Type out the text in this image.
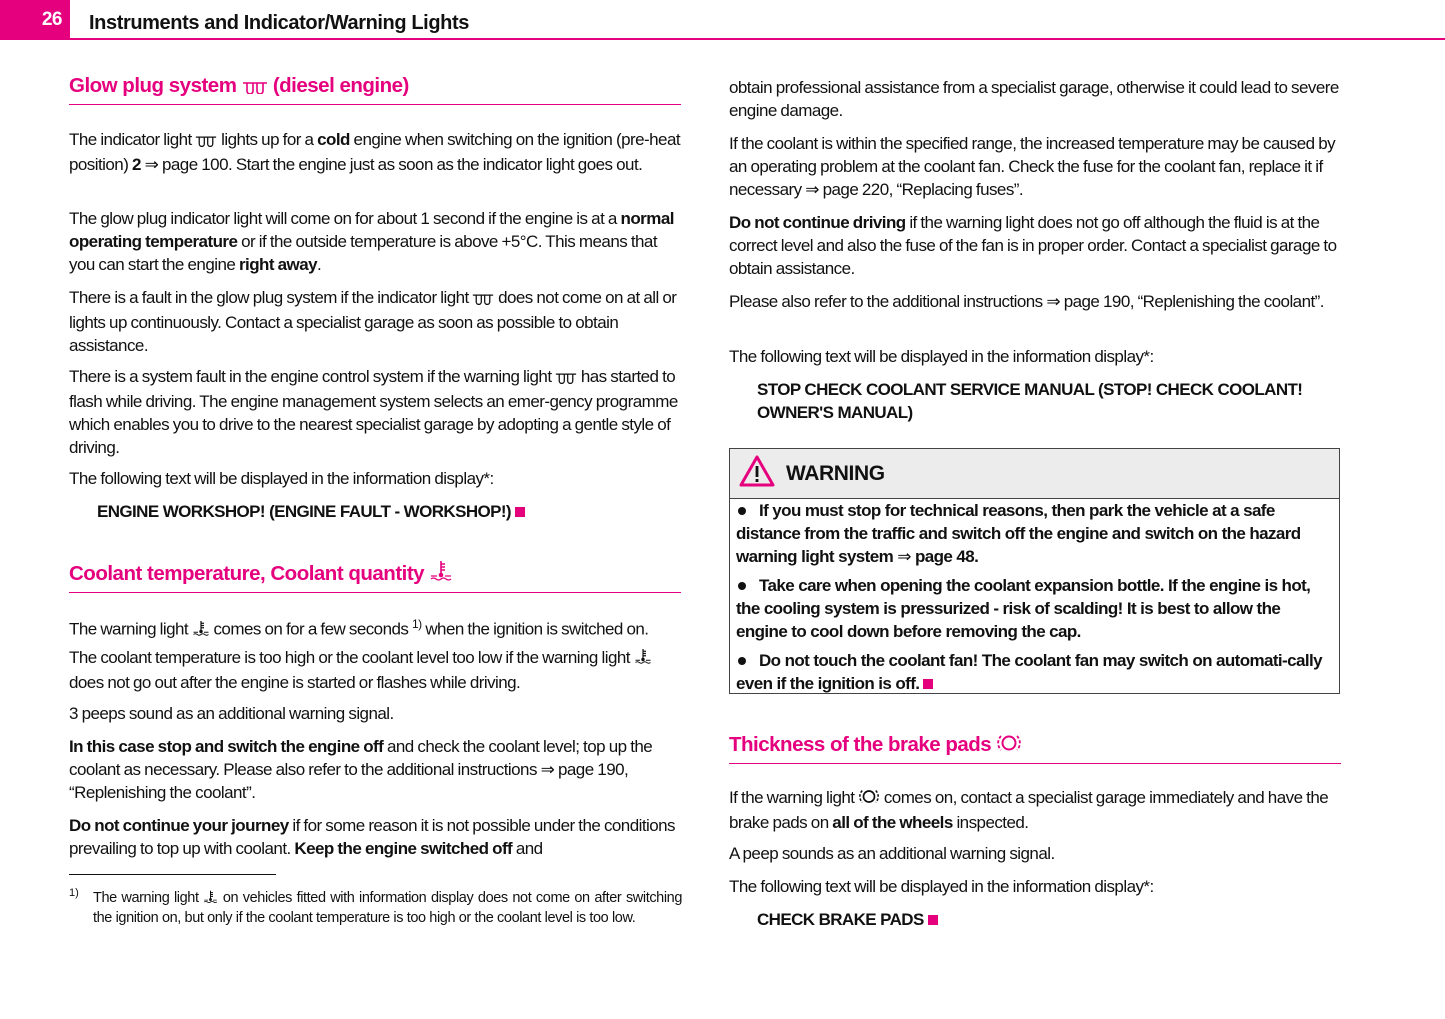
26	Instruments and Indicator/Warning Lights
Glow plug system (diesel engine)
The indicator light lights up for a cold engine when switching on the ignition (pre-heat position) 2 ⇒ page 100. Start the engine just as soon as the indicator light goes out.
The glow plug indicator light will come on for about 1 second if the engine is at a normal operating temperature or if the outside temperature is above +5°C. This means that you can start the engine right away.
There is a fault in the glow plug system if the indicator light does not come on at all or lights up continuously. Contact a specialist garage as soon as possible to obtain assistance.
There is a system fault in the engine control system if the warning light has started to flash while driving. The engine management system selects an emer-gency programme which enables you to drive to the nearest specialist garage by adopting a gentle style of driving.
The following text will be displayed in the information display*:
ENGINE WORKSHOP! (ENGINE FAULT - WORKSHOP!)
Coolant temperature, Coolant quantity
The warning light comes on for a few seconds $^{1)}$ when the ignition is switched on.
The coolant temperature is too high or the coolant level too low if the warning light  does not go out after the engine is started or flashes while driving.
3 peeps sound as an additional warning signal.
In this case stop and switch the engine off and check the coolant level; top up the coolant as necessary. Please also refer to the additional instructions ⇒ page 190, “Replenishing the coolant”.
Do not continue your journey if for some reason it is not possible under the conditions prevailing to top up with coolant. Keep the engine switched off and
1) The warning light on vehicles fitted with information display does not come on after switching the ignition on, but only if the coolant temperature is too high or the coolant level is too low.
obtain professional assistance from a specialist garage, otherwise it could lead to severe engine damage.
If the coolant is within the specified range, the increased temperature may be caused by an operating problem at the coolant fan. Check the fuse for the coolant fan, replace it if necessary ⇒ page 220, “Replacing fuses”.
Do not continue driving if the warning light does not go off although the fluid is at the correct level and also the fuse of the fan is in proper order. Contact a specialist garage to obtain assistance.
Please also refer to the additional instructions ⇒ page 190, “Replenishing the coolant”.
The following text will be displayed in the information display*:
STOP CHECK COOLANT SERVICE MANUAL (STOP! CHECK COOLANT! OWNER'S MANUAL)
WARNING
If you must stop for technical reasons, then park the vehicle at a safe distance from the traffic and switch off the engine and switch on the hazard warning light system ⇒ page 48.
Take care when opening the coolant expansion bottle. If the engine is hot, the cooling system is pressurized - risk of scalding! It is best to allow the engine to cool down before removing the cap.
Do not touch the coolant fan! The coolant fan may switch on automati-cally even if the ignition is off.
Thickness of the brake pads
If the warning light comes on, contact a specialist garage immediately and have the brake pads on all of the wheels inspected.
A peep sounds as an additional warning signal.
The following text will be displayed in the information display*:
CHECK BRAKE PADS
